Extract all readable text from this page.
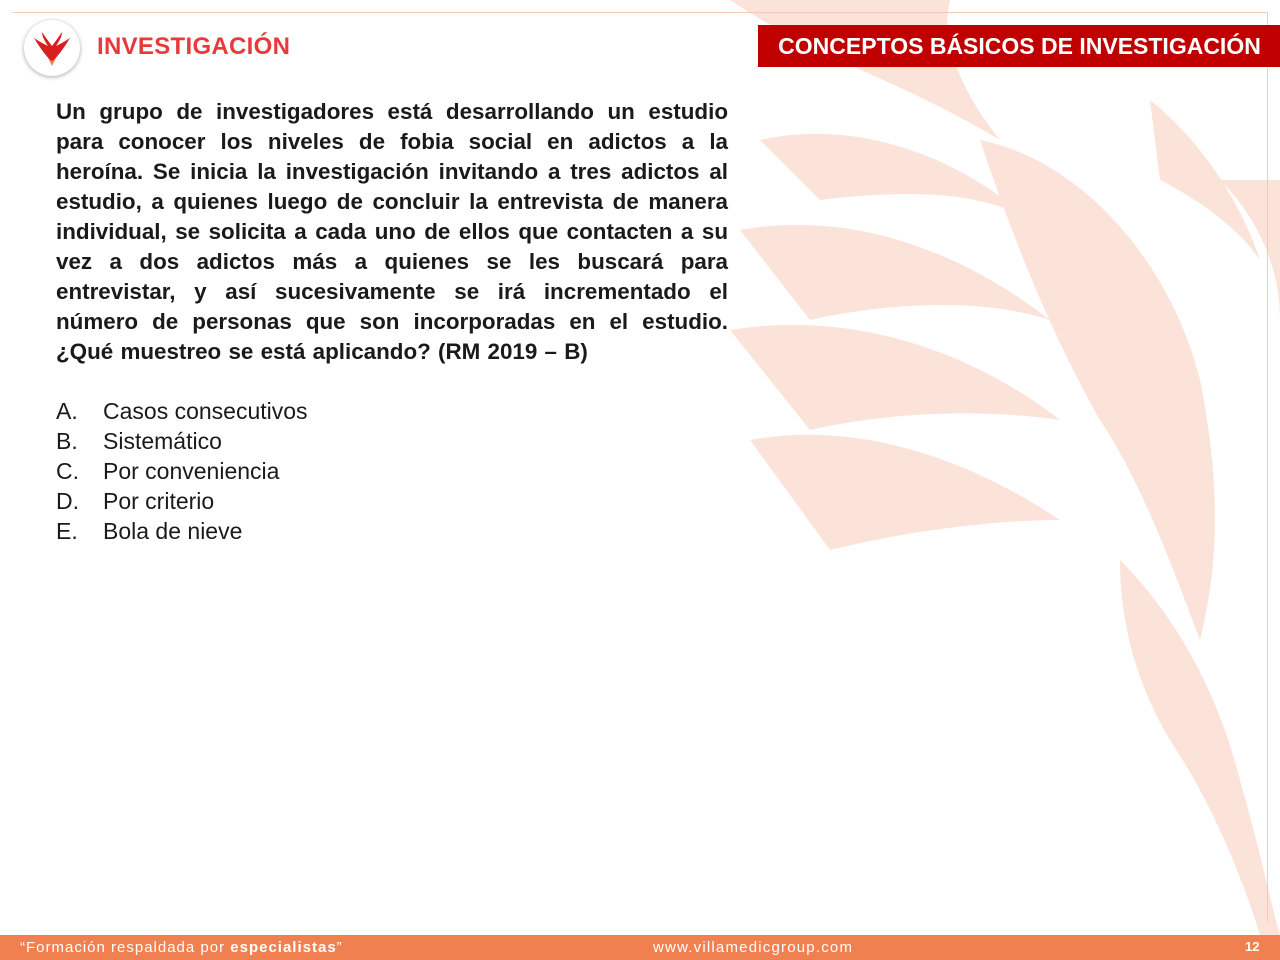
INVESTIGACIÓN	CONCEPTOS BÁSICOS DE INVESTIGACIÓN

Un grupo de investigadores está desarrollando un estudio para conocer los niveles de fobia social en adictos a la heroína. Se inicia la investigación invitando a tres adictos al estudio, a quienes luego de concluir la entrevista de manera individual, se solicita a cada uno de ellos que contacten a su vez a dos adictos más a quienes se les buscará para entrevistar, y así sucesivamente se irá incrementado el número de personas que son incorporadas en el estudio. ¿Qué muestreo se está aplicando? (RM 2019 – B)

A.	Casos consecutivos
B.	Sistemático
C.	Por conveniencia
D.	Por criterio
E.	Bola de nieve
“Formación respaldada por especialistas”	www.villamedicgroup.com	12
